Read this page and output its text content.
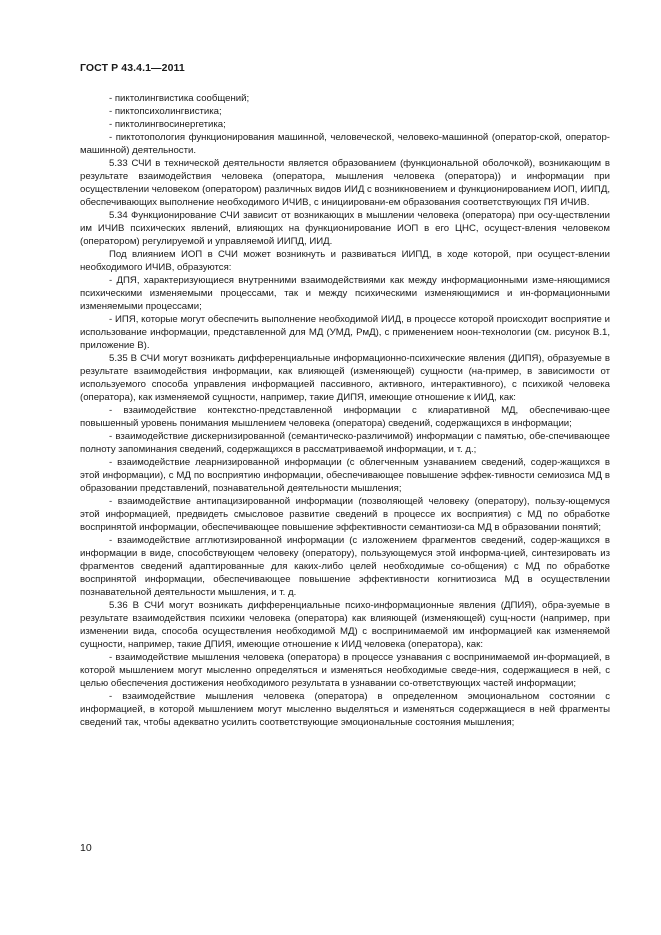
ГОСТ Р 43.4.1—2011

- пиктолингвистика сообщений;

- пиктопсихолингвистика;

- пиктолингвосинергетика;

- пиктотопология функционирования машинной, человеческой, человеко-машинной (оператор-ской, оператор-машинной) деятельности.

5.33 СЧИ в технической деятельности является образованием (функциональной оболочкой), возникающим в результате взаимодействия человека (оператора, мышления человека (оператора)) и информации при осуществлении человеком (оператором) различных видов ИИД с возникновением и функционированием ИОП, ИИПД, обеспечивающих выполнение необходимого ИЧИВ, с инициировани-ем образования соответствующих ПЯ ИЧИВ.

5.34 Функционирование СЧИ зависит от возникающих в мышлении человека (оператора) при осу-ществлении им ИЧИВ психических явлений, влияющих на функционирование ИОП в его ЦНС, осущест-вления человеком (оператором) регулируемой и управляемой ИИПД, ИИД.

Под влиянием ИОП в СЧИ может возникнуть и развиваться ИИПД, в ходе которой, при осущест-влении необходимого ИЧИВ, образуются:

- ДПЯ, характеризующиеся внутренними взаимодействиями как между информационными изме-няющимися психическими изменяемыми процессами, так и между психическими изменяющимися и ин-формационными изменяемыми процессами;

- ИПЯ, которые могут обеспечить выполнение необходимой ИИД, в процессе которой происходит восприятие и использование информации, представленной для МД (УМД, РмД), с применением ноон-технологии (см. рисунок В.1, приложение В).

5.35 В СЧИ могут возникать дифференциальные информационно-психические явления (ДИПЯ), образуемые в результате взаимодействия информации, как влияющей (изменяющей) сущности (на-пример, в зависимости от используемого способа управления информацией пассивного, активного, интерактивного), с психикой человека (оператора), как изменяемой сущности, например, такие ДИПЯ, имеющие отношение к ИИД, как:

- взаимодействие контекстно-представленной информации с клиаративной МД, обеспечиваю-щее повышенный уровень понимания мышлением человека (оператора) сведений, содержащихся в информации;

- взаимодействие дискернизированной (семантическо-различимой) информации с памятью, обе-спечивающее полноту запоминания сведений, содержащихся в рассматриваемой информации, и т. д.;

- взаимодействие леарнизированной информации (с облегченным узнаванием сведений, содер-жащихся в этой информации), с МД по восприятию информации, обеспечивающее повышение эффек-тивности семиозиса МД в образовании представлений, познавательной деятельности мышления;

- взаимодействие антипацизированной информации (позволяющей человеку (оператору), пользу-ющемуся этой информацией, предвидеть смысловое развитие сведений в процессе их восприятия) с МД по обработке воспринятой информации, обеспечивающее повышение эффективности семантиози-са МД в образовании понятий;

- взаимодействие агглютизированной информации (с изложением фрагментов сведений, содер-жащихся в информации в виде, способствующем человеку (оператору), пользующемуся этой информа-цией, синтезировать из фрагментов сведений адаптированные для каких-либо целей необходимые со-общения) с МД по обработке воспринятой информации, обеспечивающее повышение эффективности когнитиозиса МД в осуществлении познавательной деятельности мышления, и т. д.

5.36 В СЧИ могут возникать дифференциальные психо-информационные явления (ДПИЯ), обра-зуемые в результате взаимодействия психики человека (оператора) как влияющей (изменяющей) сущ-ности (например, при изменении вида, способа осуществления необходимой МД) с воспринимаемой им информацией как изменяемой сущности, например, такие ДПИЯ, имеющие отношение к ИИД человека (оператора), как:

- взаимодействие мышления человека (оператора) в процессе узнавания с воспринимаемой ин-формацией, в которой мышлением могут мысленно определяться и изменяться необходимые сведе-ния, содержащиеся в ней, с целью обеспечения достижения необходимого результата в узнавании со-ответствующих частей информации;

- взаимодействие мышления человека (оператора) в определенном эмоциональном состоянии с информацией, в которой мышлением могут мысленно выделяться и изменяться содержащиеся в ней фрагменты сведений так, чтобы адекватно усилить соответствующие эмоциональные состояния мышления;

10
